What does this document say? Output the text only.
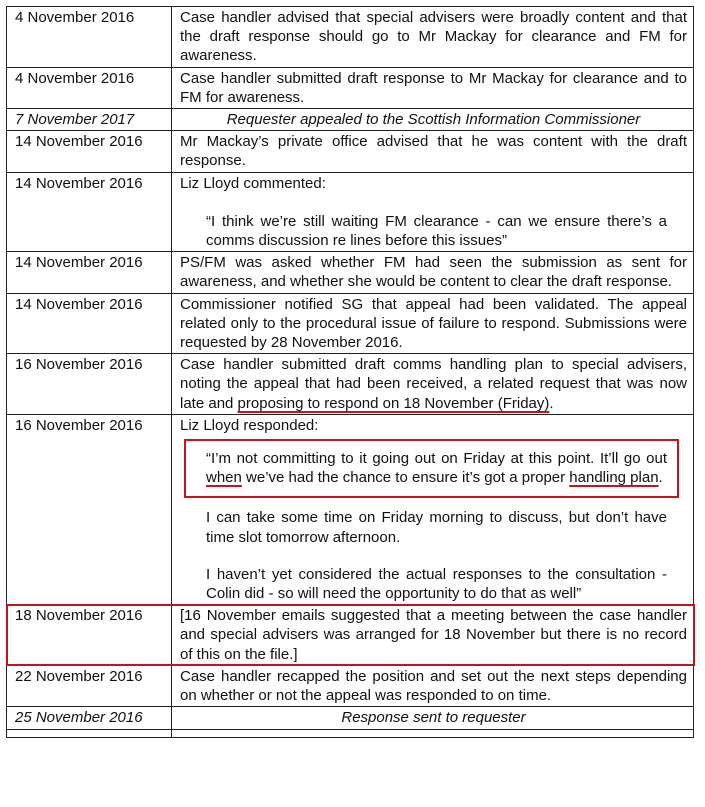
4 November 2016	Case handler advised that special advisers were broadly content and that the draft response should go to Mr Mackay for clearance and FM for awareness.
4 November 2016	Case handler submitted draft response to Mr Mackay for clearance and to FM for awareness.
7 November 2017	Requester appealed to the Scottish Information Commissioner
14 November 2016	Mr Mackay’s private office advised that he was content with the draft response.
14 November 2016	Liz Lloyd commented:
“I think we’re still waiting FM clearance - can we ensure there’s a comms discussion re lines before this issues”

14 November 2016	PS/FM was asked whether FM had seen the submission as sent for awareness, and whether she would be content to clear the draft response.
14 November 2016	Commissioner notified SG that appeal had been validated. The appeal related only to the procedural issue of failure to respond. Submissions were requested by 28 November 2016.
16 November 2016	Case handler submitted draft comms handling plan to special advisers, noting the appeal that had been received, a related request that was now late and proposing to respond on 18 November (Friday).
16 November 2016	Liz Lloyd responded:
“I’m not committing to it going out on Friday at this point. It’ll go out when we’ve had the chance to ensure it’s got a proper handling plan.
I can take some time on Friday morning to discuss, but don’t have time slot tomorrow afternoon.
I haven’t yet considered the actual responses to the consultation - Colin did - so will need the opportunity to do that as well”

18 November 2016	[16 November emails suggested that a meeting between the case handler and special advisers was arranged for 18 November but there is no record of this on the file.]
22 November 2016	Case handler recapped the position and set out the next steps depending on whether or not the appeal was responded to on time.
25 November 2016	Response sent to requester
